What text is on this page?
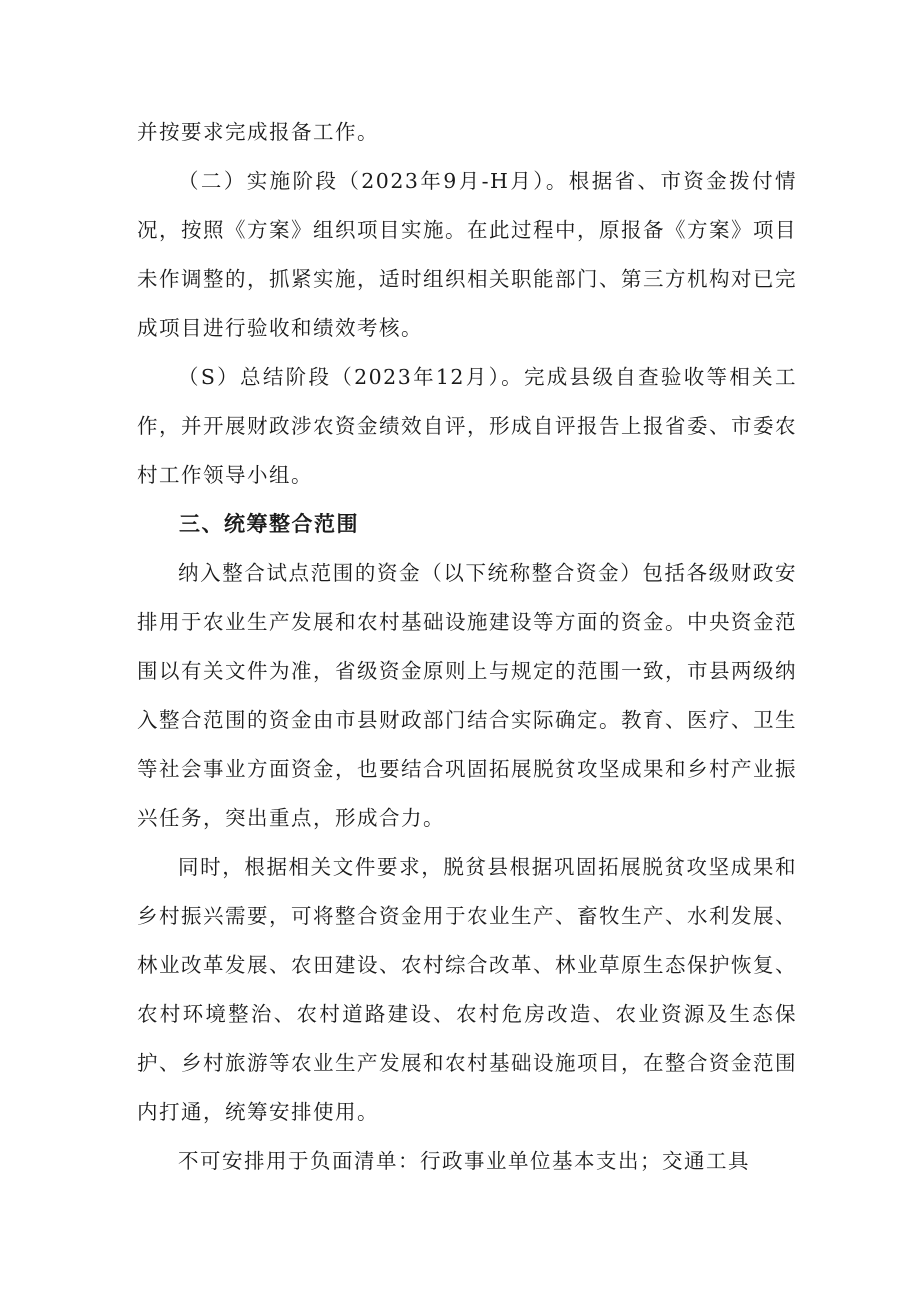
并按要求完成报备工作。

（二）实施阶段（2023年9月-H月）。根据省、市资金拨付情况，按照《方案》组织项目实施。在此过程中，原报备《方案》项目未作调整的，抓紧实施，适时组织相关职能部门、第三方机构对已完成项目进行验收和绩效考核。

（S）总结阶段（2023年12月）。完成县级自查验收等相关工作，并开展财政涉农资金绩效自评，形成自评报告上报省委、市委农村工作领导小组。

三、统筹整合范围

纳入整合试点范围的资金（以下统称整合资金）包括各级财政安排用于农业生产发展和农村基础设施建设等方面的资金。中央资金范围以有关文件为准，省级资金原则上与规定的范围一致，市县两级纳入整合范围的资金由市县财政部门结合实际确定。教育、医疗、卫生等社会事业方面资金，也要结合巩固拓展脱贫攻坚成果和乡村产业振兴任务，突出重点，形成合力。

同时，根据相关文件要求，脱贫县根据巩固拓展脱贫攻坚成果和乡村振兴需要，可将整合资金用于农业生产、畜牧生产、水利发展、林业改革发展、农田建设、农村综合改革、林业草原生态保护恢复、农村环境整治、农村道路建设、农村危房改造、农业资源及生态保护、乡村旅游等农业生产发展和农村基础设施项目，在整合资金范围内打通，统筹安排使用。

不可安排用于负面清单：行政事业单位基本支出；交通工具
